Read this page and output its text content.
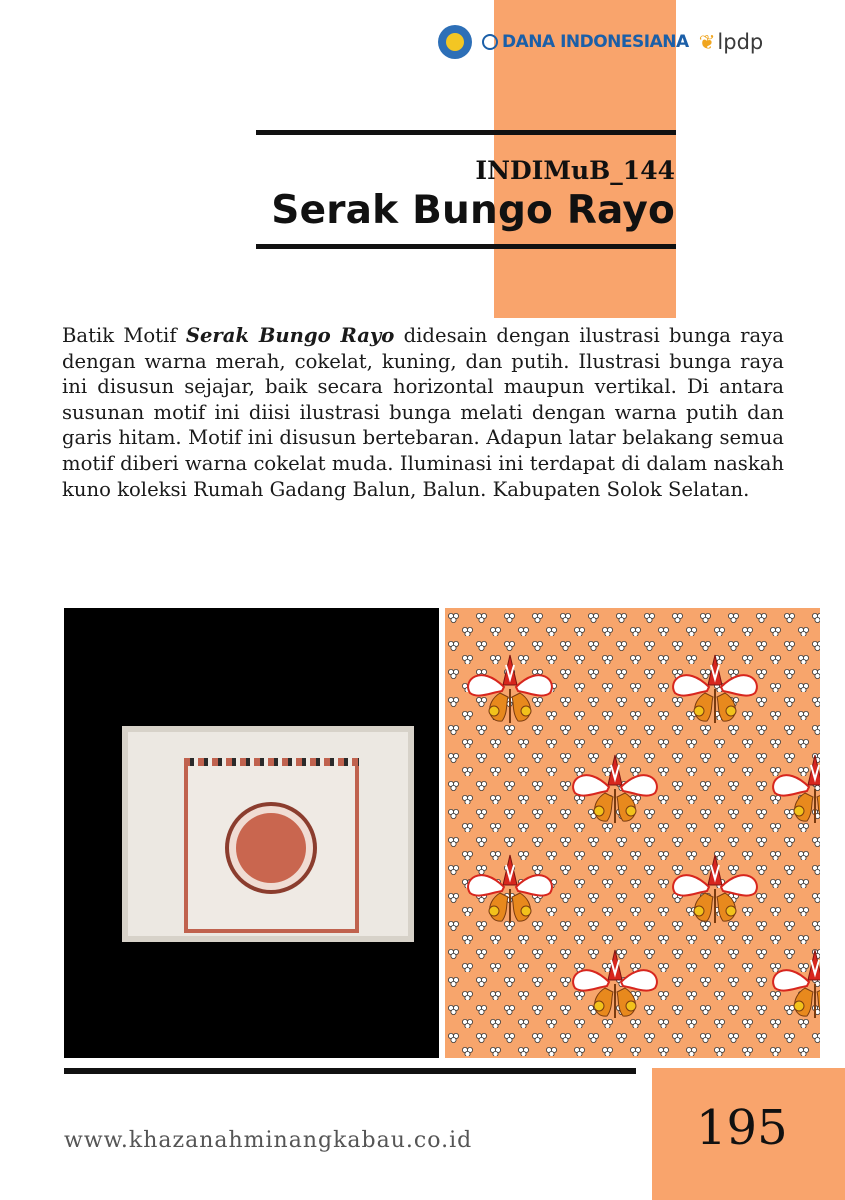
DANA INDONESIANA ❦ lpdp
INDIMuB_144
Serak Bungo Rayo

Batik Motif Serak Bungo Rayo didesain dengan ilustrasi bunga raya dengan warna merah, cokelat, kuning, dan putih. Ilustrasi bunga raya ini disusun sejajar, baik secara horizontal maupun vertikal. Di antara susunan motif ini diisi ilustrasi bunga melati dengan warna putih dan garis hitam. Motif ini disusun bertebaran. Adapun latar belakang semua motif diberi warna cokelat muda. Iluminasi ini terdapat di dalam naskah kuno koleksi Rumah Gadang Balun, Balun. Kabupaten Solok Selatan.

www.khazanahminangkabau.co.id	195
